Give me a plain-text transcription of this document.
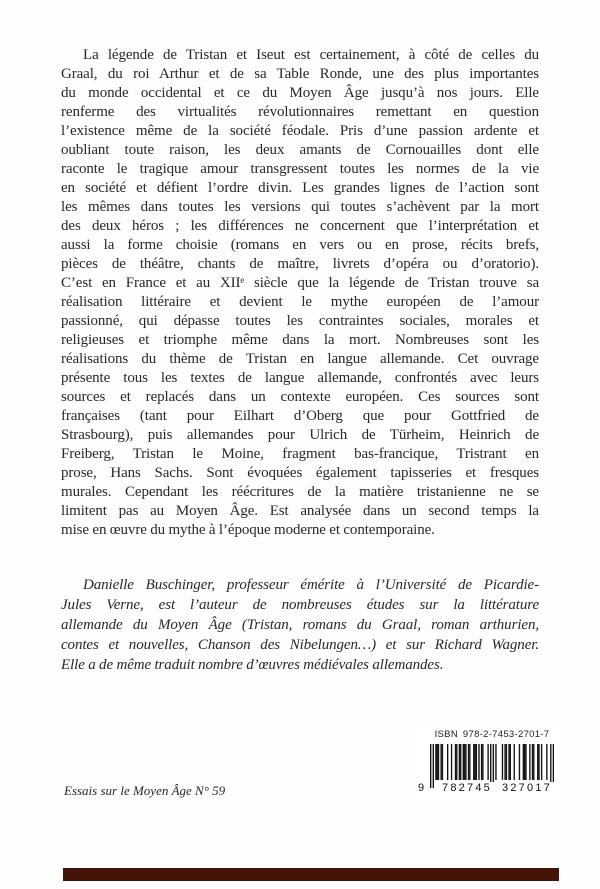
La légende de Tristan et Iseut est certainement, à côté de celles du
Graal, du roi Arthur et de sa Table Ronde, une des plus importantes
du monde occidental et ce du Moyen Âge jusqu’à nos jours. Elle
renferme des virtualités révolutionnaires remettant en question
l’existence même de la société féodale. Pris d’une passion ardente et
oubliant toute raison, les deux amants de Cornouailles dont elle
raconte le tragique amour transgressent toutes les normes de la vie
en société et défient l’ordre divin. Les grandes lignes de l’action sont
les mêmes dans toutes les versions qui toutes s’achèvent par la mort
des deux héros ; les différences ne concernent que l’interprétation et
aussi la forme choisie (romans en vers ou en prose, récits brefs,
pièces de théâtre, chants de maître, livrets d’opéra ou d’oratorio).
C’est en France et au XIIᵉ siècle que la légende de Tristan trouve sa
réalisation littéraire et devient le mythe européen de l’amour
passionné, qui dépasse toutes les contraintes sociales, morales et
religieuses et triomphe même dans la mort. Nombreuses sont les
réalisations du thème de Tristan en langue allemande. Cet ouvrage
présente tous les textes de langue allemande, confrontés avec leurs
sources et replacés dans un contexte européen. Ces sources sont
françaises (tant pour Eilhart d’Oberg que pour Gottfried de
Strasbourg), puis allemandes pour Ulrich de Türheim, Heinrich de
Freiberg, Tristan le Moine, fragment bas-francique, Tristrant en
prose, Hans Sachs. Sont évoquées également tapisseries et fresques
murales. Cependant les réécritures de la matière tristanienne ne se
limitent pas au Moyen Âge. Est analysée dans un second temps la
mise en œuvre du mythe à l’époque moderne et contemporaine.
Danielle Buschinger, professeur émérite à l’Université de Picardie-
Jules Verne, est l’auteur de nombreuses études sur la littérature
allemande du Moyen Âge (Tristan, romans du Graal, roman arthurien,
contes et nouvelles, Chanson des Nibelungen…) et sur Richard Wagner.
Elle a de même traduit nombre d’œuvres médiévales allemandes.
ISBN 978-2-7453-2701-7
9	782745 327017
Essais sur le Moyen Âge N° 59
